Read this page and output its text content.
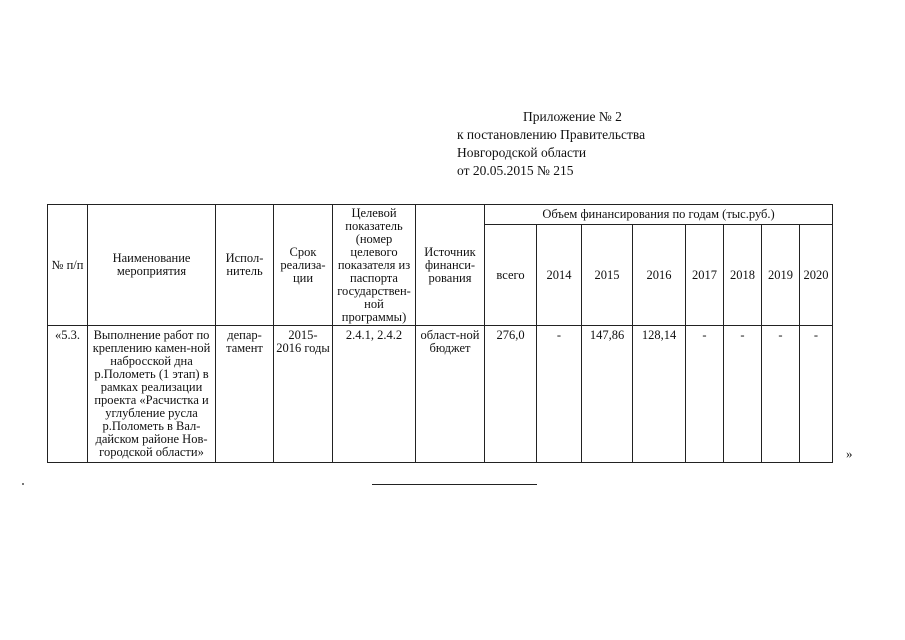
Приложение № 2
к постановлению Правительства
Новгородской области
от 20.05.2015 № 215
№ п/п	Наименование мероприятия	Испол-нитель	Срок реализа-ции	Целевой показатель (номер целевого показателя из паспорта государствен-ной программы)	Источник финанси-рования	Объем финансирования по годам (тыс.руб.)							
						всего	2014	2015	2016	2017	2018	2019	2020
«5.3.	Выполнение работ по креплению камен-ной набросской дна р.Полометь (1 этап) в рамках реализации проекта «Расчистка и углубление русла р.Полометь в Вал-дайском районе Нов-городской области»	депар-тамент	2015-2016 годы	2.4.1, 2.4.2	област-ной бюджет	276,0	-	147,86	128,14	-	-	-	-
»
